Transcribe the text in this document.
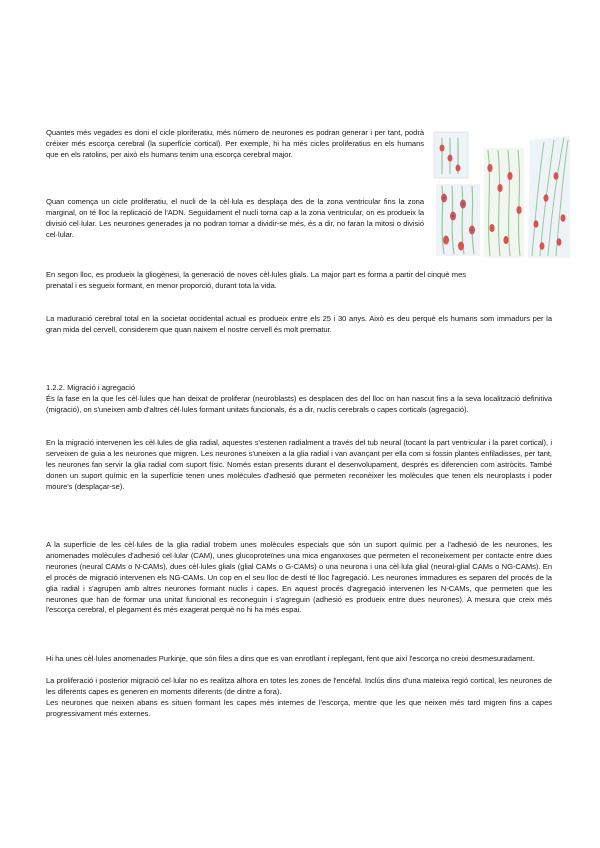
Quantes més vegades es doni el cicle ploriferatiu, més número de neurones es podran generar i per tant, podrà créixer més escorça cerebral (la superfície cortical). Per exemple, hi ha més cicles proliferatius en els humans que en els ratolins, per això els humans tenim una escorça cerebral major.

Quan comença un cicle proliferatiu, el nucli de la cèl·lula es desplaça des de la zona ventricular fins la zona marginal, on té lloc la replicació de l'ADN. Seguidament el nucli torna cap a la zona ventricular, on es produeix la divisió cel·lular. Les neurones generades ja no podran tornar a dividir-se més, és a dir, no faran la mitosi o divisió cel·lular.

En segon lloc, es produeix la gliogènesi, la generació de noves cèl·lules glials. La major part es forma a partir del cinquè mes prenatal i es segueix formant, en menor proporció, durant tota la vida.

La maduració cerebral total en la societat occidental actual es produeix entre els 25 i 30 anys. Això es deu perquè els humans som immadurs per la gran mida del cervell, considerem que quan naixem el nostre cervell és molt prematur.

1.2.2. Migració i agregació

És la fase en la que les cèl·lules que han deixat de proliferar (neuroblasts) es desplacen des del lloc on han nascut fins a la seva localització definitiva (migració), on s'uneixen amb d'altres cèl·lules formant unitats funcionals, és a dir, nuclis cerebrals o capes corticals (agregació).

En la migració intervenen les cèl·lules de glia radial, aquestes s'estenen radialment a través del tub neural (tocant la part ventricular i la paret cortical), i serveixen de guia a les neurones que migren. Les neurones s'uneixen a la glia radial i van avançant per ella com si fossin plantes enfiladisses, per tant, les neurones fan servir la glia radial com suport físic. Només estan presents durant el desenvolupament, després es diferencien com astròcits. També donen un suport químic en la superfície tenen unes molècules d'adhesió que permeten reconèixer les molècules que tenen els neuroplasts i poder moure's (desplaçar-se).

A la superfície de les cèl·lules de la glia radial trobem unes molècules especials que són un suport químic per a l'adhesió de les neurones, les anomenades molècules d'adhesió cel·lular (CAM), unes glucoproteïnes una mica enganxoses que permeten el reconeixement per contacte entre dues neurones (neural CAMs o N-CAMs), dues cèl·lules glials (glial CAMs o G-CAMs) o una neurona i una cèl·lula glial (neural-glial CAMs o NG-CAMs). En el procés de migració intervenen els NG-CAMs. Un cop en el seu lloc de destí té lloc l'agregació. Les neurones immadures es separen del procés de la glia radial i s'agrupen amb altres neurones formant nuclis i capes. En aquest procés d'agregació intervenen les N-CAMs, que permeten que les neurones que han de formar una unitat funcional es reconeguin i s'agreguin (adhesió es produeix entre dues neurones). A mesura que creix més l'escorça cerebral, el plegament és més exagerat perquè no hi ha més espai.

Hi ha unes cèl·lules anomenades Purkinje, que són files a dins que es van enrotllant i replegant, fent que així l'escorça no creixi desmesuradament.

La proliferació i posterior migració cel·lular no es realitza alhora en totes les zones de l'encèfal. Inclús dins d'una mateixa regió cortical, les neurones de les diferents capes es generen en moments diferents (de dintre a fora).

Les neurones que neixen abans es situen formant les capes més internes de l'escorça, mentre que les que neixen més tard migren fins a capes progressivament més externes.
